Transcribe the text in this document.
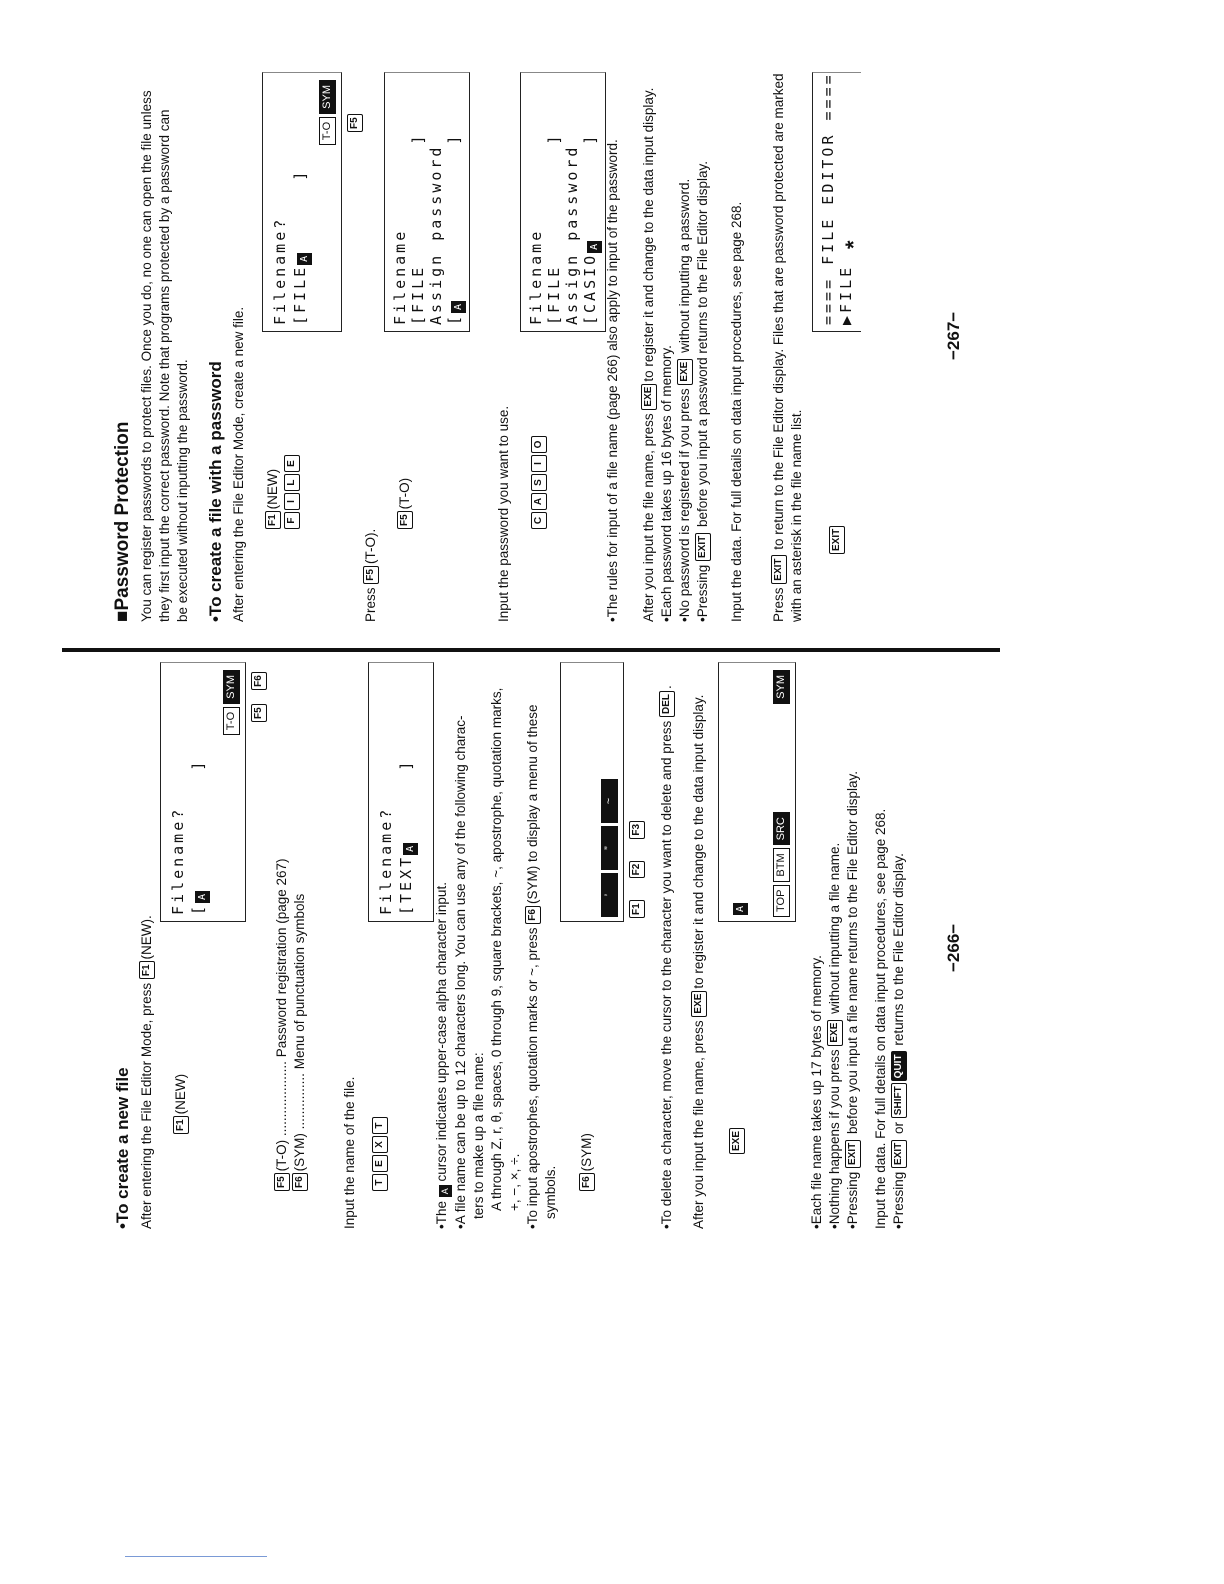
•To create a new file After entering the File Editor Mode, press F1(NEW).
F1(NEW)
Filename? [A          ]
T-OSYM
F5 F6
F5(T-O) .................... Password registration (page 267)
F6(SYM) ............... Menu of punctuation symbols
Input the name of the file.	TEXT
Filename? [TEXTA      ]
•The A cursor indicates upper-case alpha character input. •A file name can be up to 12 characters long. You can use any of the following charac- ters to make up a file name: A through Z, r, θ, spaces, 0 through 9, square brackets, ~, apostrophe, quotation marks, +, −, ×, ÷. •To input apostrophes, quotation marks or ~, press F6(SYM) to display a menu of these
symbols.	F6(SYM)
’”~
F1F2F3	•To delete a character, move the cursor to the character you want to delete and press DEL.
After you input the file name, press EXEto register it and change to the data input display.
EXE
A	TOPBTMSRC
SYM
•Each file name takes up 17 bytes of memory. •Nothing happens if you press EXE without inputting a file name.
•Pressing EXIT before you input a file name returns to the File Editor display. Input the data. For full details on data input procedures, see page 268. •Pressing EXIT or SHIFTQUIT returns to the File Editor display. −266−
■Password Protection You can register passwords to protect files. Once you do, no one can open the file unless they first input the correct password. Note that programs protected by a password can be executed without inputting the password. •To create a file with a password After entering the File Editor Mode, create a new file.	F1(NEW)
FILE
Filename? [FILEA      ]
T-OSYM
F5
Press F5(T-O).
F5(T-O)
Filename [FILE          ] Assign password [A             ]
Input the password you want to use.	CASIO
Filename [FILE          ] Assign password [CASIOA        ]
•The rules for input of a file name (page 266) also apply to input of the password. After you input the file name, press EXEto register it and change to the data input display.
•Each password takes up 16 bytes of memory. •No password is registered if you press EXE without inputting a password.
•Pressing EXIT before you input a password returns to the File Editor display. Input the data. For full details on data input procedures, see page 268. Press EXIT to return to the File Editor display. Files that are password protected are marked with an asterisk in the file name list.	EXIT
==== FILE EDITOR ==== ▶FILE
*
−267−
